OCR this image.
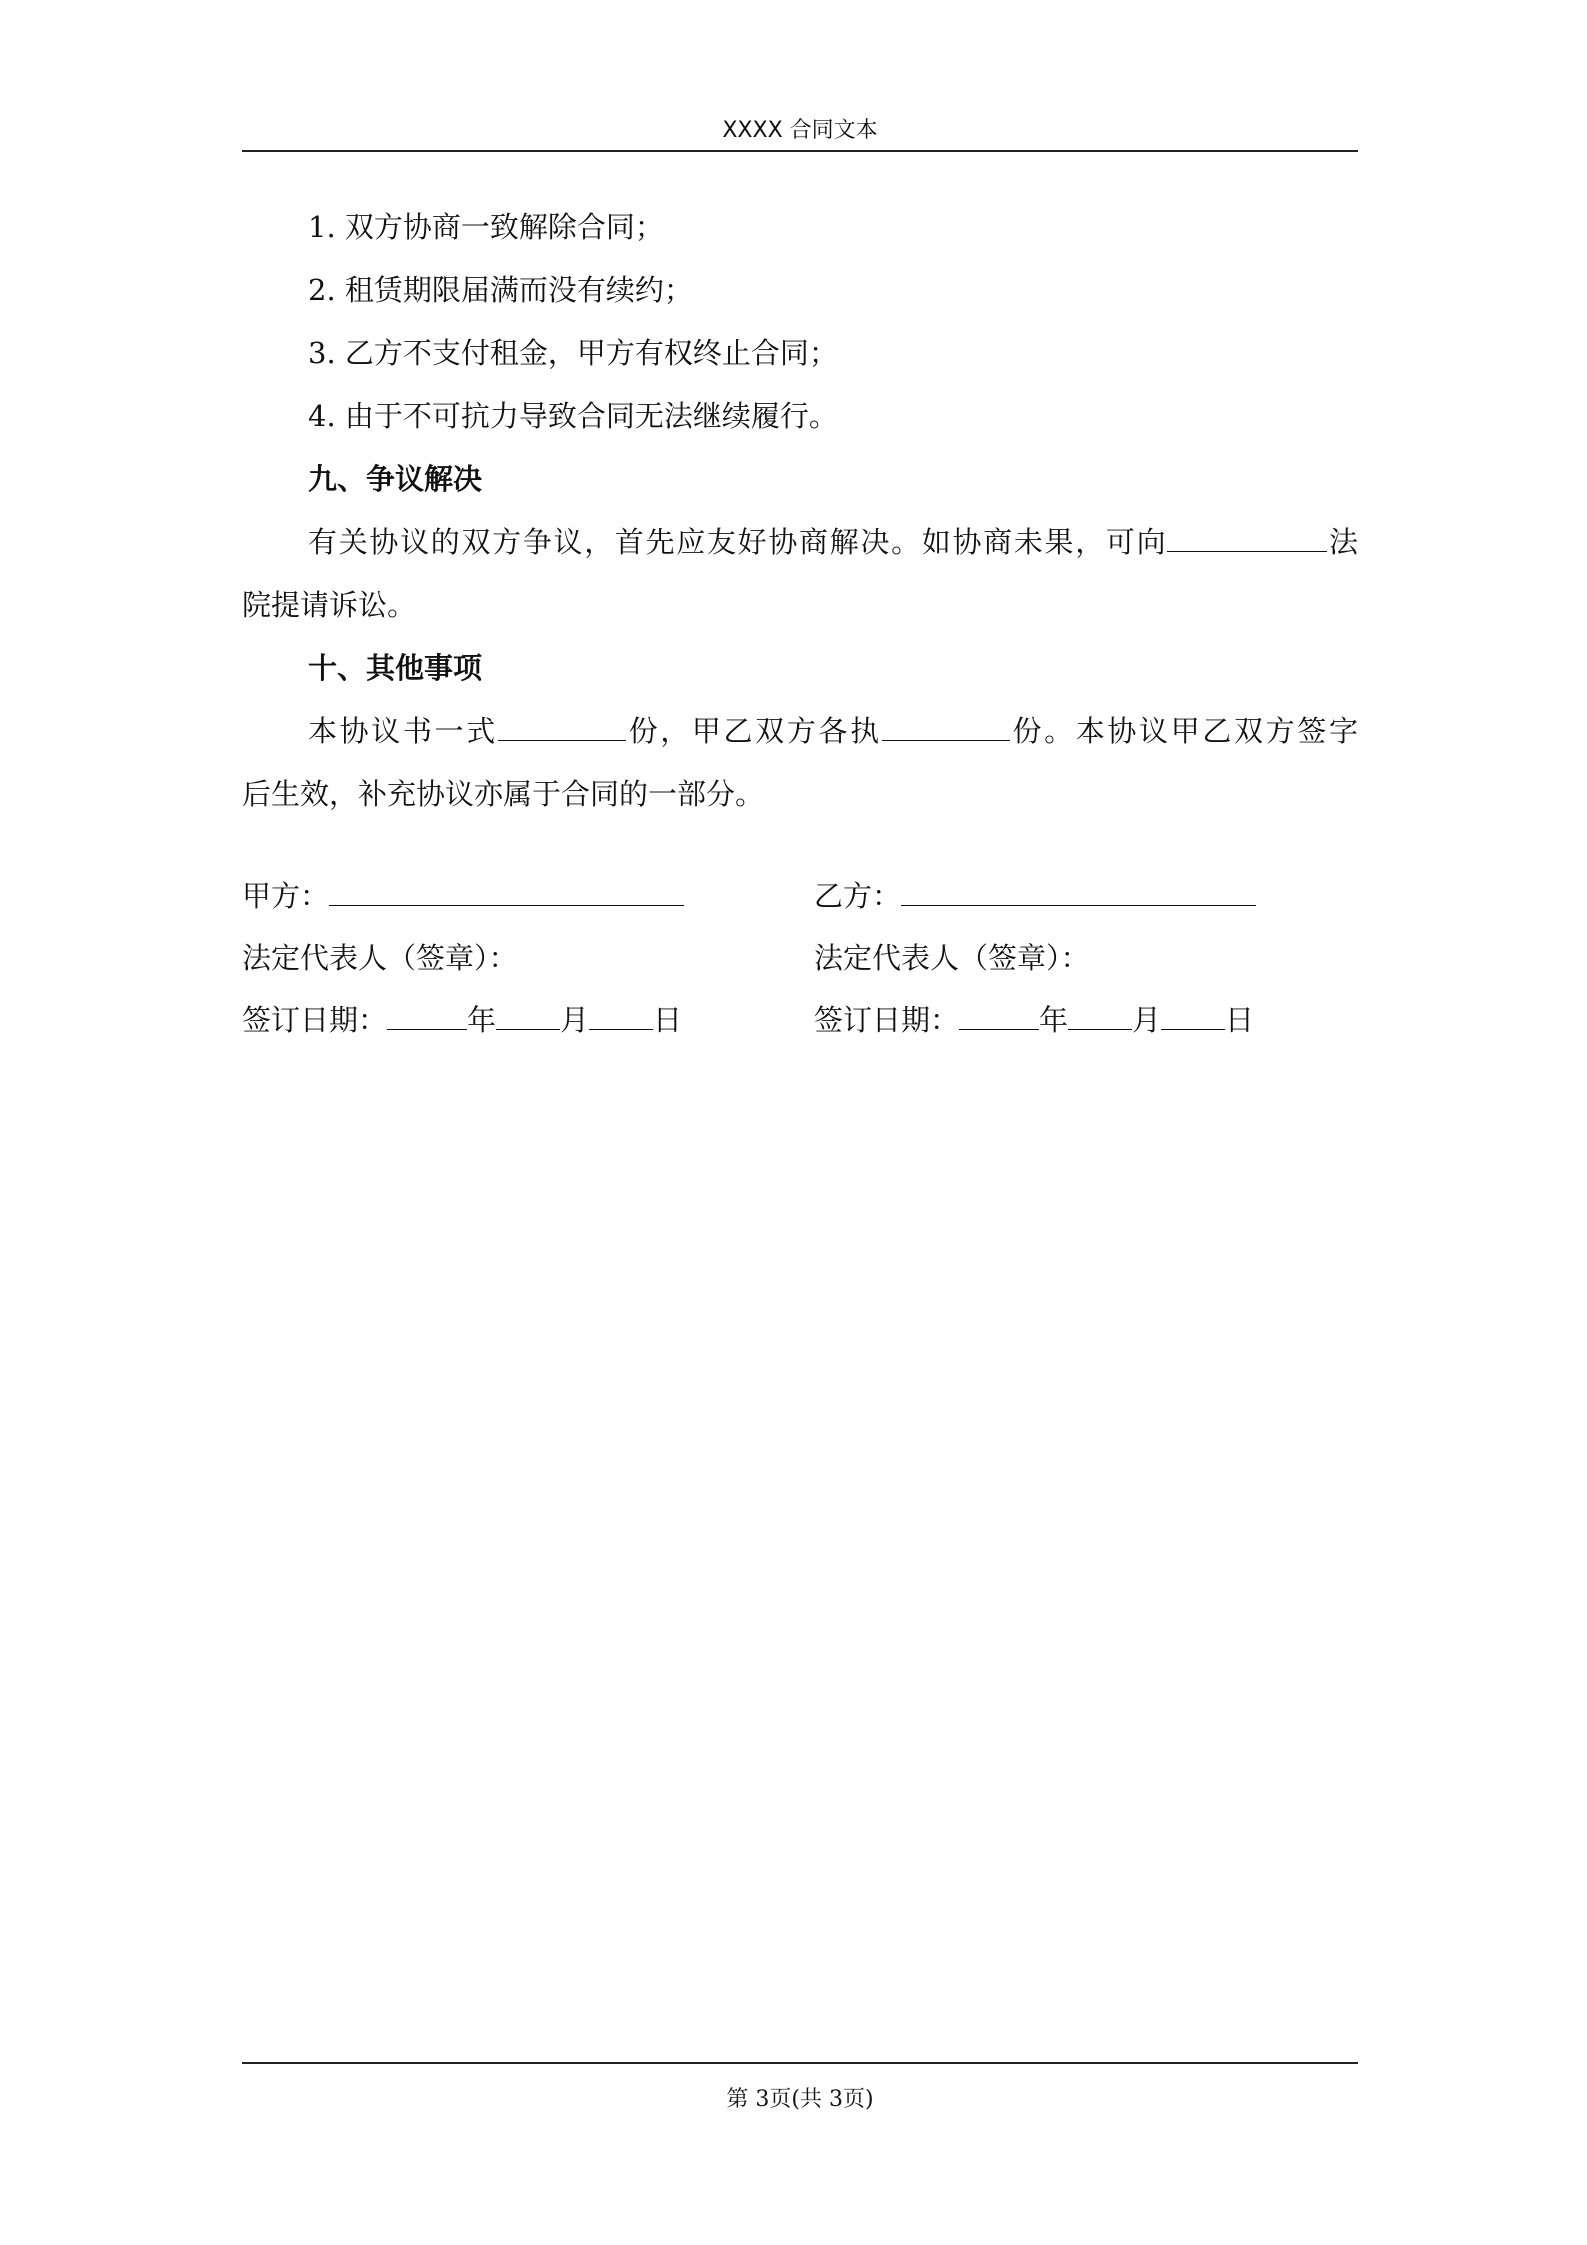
XXXX 合同文本
1. 双方协商一致解除合同；
2. 租赁期限届满而没有续约；
3. 乙方不支付租金，甲方有权终止合同；
4. 由于不可抗力导致合同无法继续履行。
九、争议解决
有关协议的双方争议，首先应友好协商解决。如协商未果，可向	法
院提请诉讼。
十、其他事项
本协议书一式	份，甲乙双方各执	份。本协议甲乙双方签字
后生效，补充协议亦属于合同的一部分。
甲方：	乙方：
法定代表人（签章）：	法定代表人（签章）：
签订日期：	年 月 日	签订日期：	年 月 日
第 3页(共 3页)
